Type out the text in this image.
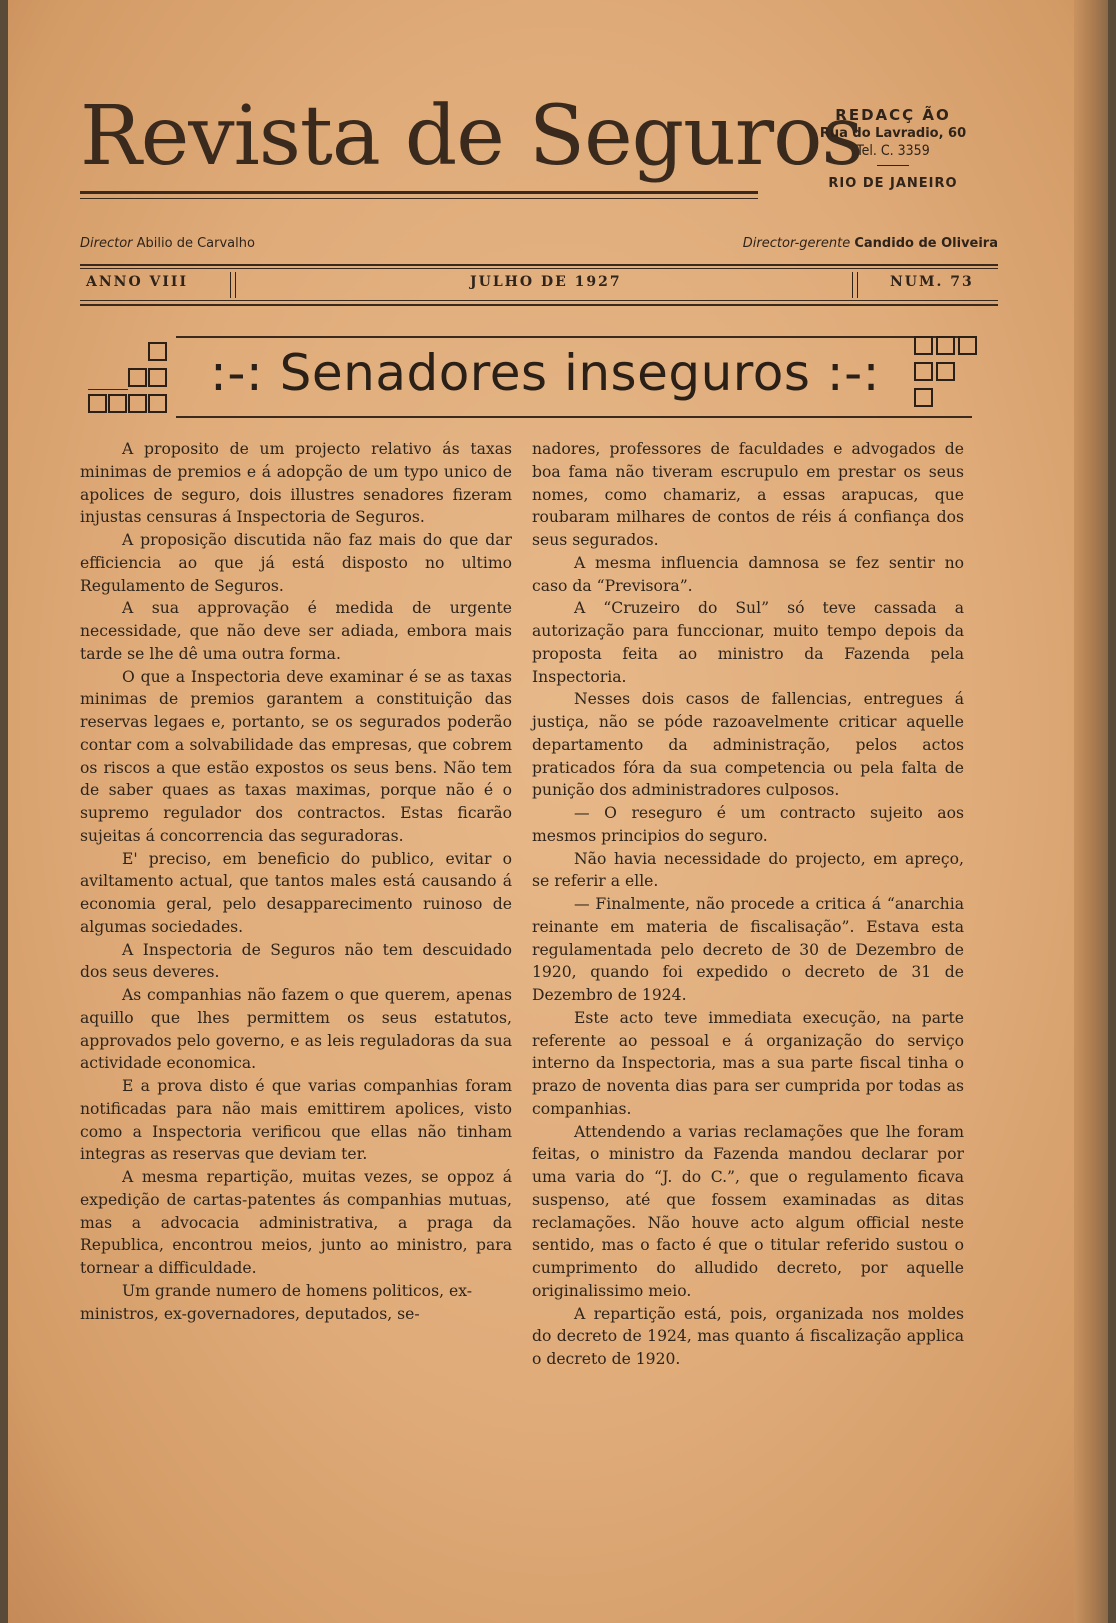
Revista de Seguros
REDACÇ ÃO
Rua do Lavradio, 60
Tel. C. 3359
RIO DE JANEIRO
Director Abilio de Carvalho	Director-gerente Candido de Oliveira
ANNO VIII	JULHO DE 1927	NUM. 73
:-: Senadores inseguros :-:

A proposito de um projecto relativo ás taxas minimas de premios e á adopção de um typo unico de apolices de seguro, dois illustres senadores fizeram injustas censuras á Inspectoria de Seguros.

A proposição discutida não faz mais do que dar efficiencia ao que já está disposto no ultimo Regulamento de Seguros.

A sua approvação é medida de urgente necessidade, que não deve ser adiada, embora mais tarde se lhe dê uma outra forma.

O que a Inspectoria deve examinar é se as taxas minimas de premios garantem a constituição das reservas legaes e, portanto, se os segurados poderão contar com a solvabilidade das empresas, que cobrem os riscos a que estão expostos os seus bens. Não tem de saber quaes as taxas maximas, porque não é o supremo regulador dos contractos. Estas ficarão sujeitas á concorrencia das seguradoras.

E' preciso, em beneficio do publico, evitar o aviltamento actual, que tantos males está causando á economia geral, pelo desapparecimento ruinoso de algumas sociedades.

A Inspectoria de Seguros não tem descuidado dos seus deveres.

As companhias não fazem o que querem, apenas aquillo que lhes permittem os seus estatutos, approvados pelo governo, e as leis reguladoras da sua actividade economica.

E a prova disto é que varias companhias foram notificadas para não mais emittirem apolices, visto como a Inspectoria verificou que ellas não tinham integras as reservas que deviam ter.

A mesma repartição, muitas vezes, se oppoz á expedição de cartas-patentes ás companhias mutuas, mas a advocacia administrativa, a praga da Republica, encontrou meios, junto ao ministro, para tornear a difficuldade.

Um grande numero de homens politicos, ex-ministros, ex-governadores, deputados, se-

nadores, professores de faculdades e advogados de boa fama não tiveram escrupulo em prestar os seus nomes, como chamariz, a essas arapucas, que roubaram milhares de contos de réis á confiança dos seus segurados.

A mesma influencia damnosa se fez sentir no caso da “Previsora”.

A “Cruzeiro do Sul” só teve cassada a autorização para funccionar, muito tempo depois da proposta feita ao ministro da Fazenda pela Inspectoria.

Nesses dois casos de fallencias, entregues á justiça, não se póde razoavelmente criticar aquelle departamento da administração, pelos actos praticados fóra da sua competencia ou pela falta de punição dos administradores culposos.

— O reseguro é um contracto sujeito aos mesmos principios do seguro.

Não havia necessidade do projecto, em apreço, se referir a elle.

— Finalmente, não procede a critica á “anarchia reinante em materia de fiscalisação”. Estava esta regulamentada pelo decreto de 30 de Dezembro de 1920, quando foi expedido o decreto de 31 de Dezembro de 1924.

Este acto teve immediata execução, na parte referente ao pessoal e á organização do serviço interno da Inspectoria, mas a sua parte fiscal tinha o prazo de noventa dias para ser cumprida por todas as companhias.

Attendendo a varias reclamações que lhe foram feitas, o ministro da Fazenda mandou declarar por uma varia do “J. do C.”, que o regulamento ficava suspenso, até que fossem examinadas as ditas reclamações. Não houve acto algum official neste sentido, mas o facto é que o titular referido sustou o cumprimento do alludido decreto, por aquelle originalissimo meio.

A repartição está, pois, organizada nos moldes do decreto de 1924, mas quanto á fiscalização applica o decreto de 1920.
